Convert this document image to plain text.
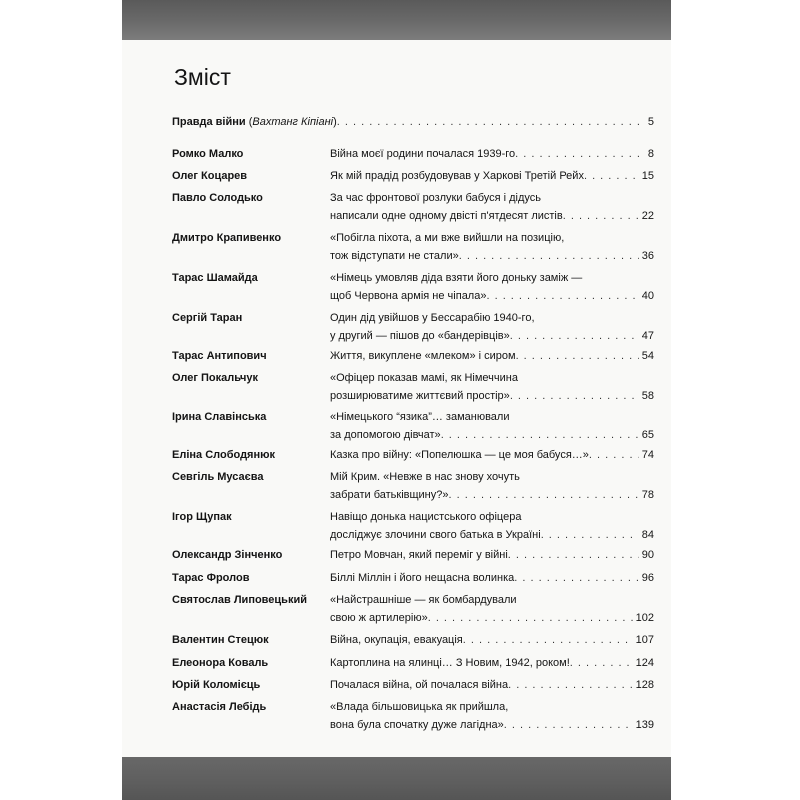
Зміст
Правда війни ( Вахтанг Кіпіані ) . . .	5
Ромко Малко	Війна моєї родини почалася 1939-го . . .	8
Олег Коцарев	Як мій прадід розбудовував у Харкові Третій Рейх . . .	15
Павло Солодько	За час фронтової розлуки бабуся і дідусь
написали одне одному двісті п'ятдесят листів . . .	22
Дмитро Крапивенко	«Побігла піхота, а ми вже вийшли на позицію,
тож відступати не стали» . . .	36
Тарас Шамайда	«Німець умовляв діда взяти його доньку заміж —
щоб Червона армія не чіпала» . . .	40
Сергій Таран	Один дід увійшов у Бессарабію 1940-го,
у другий — пішов до «бандерівців» . . .	47
Тарас Антипович	Життя, викуплене «млеком» і сиром . . .	54
Олег Покальчук	«Офіцер показав мамі, як Німеччина
розширюватиме життєвий простір» . . .	58
Ірина Славінська	«Німецького “язика”… заманювали
за допомогою дівчат» . . .	65
Еліна Слободянюк	Казка про війну: «Попелюшка — це моя бабуся…» . . .	74
Севгіль Мусаєва	Мій Крим. «Невже в нас знову хочуть
забрати батьківщину?» . . .	78
Ігор Щупак	Навіщо донька нацистського офіцера
досліджує злочини свого батька в Україні . . .	84
Олександр Зінченко	Петро Мовчан, який переміг у війні . . .	90
Тарас Фролов	Біллі Міллін і його нещасна волинка . . .	96
Святослав Липовецький «Найстрашніше — як бомбардували
свою ж артилерію» . . .	102
Валентин Стецюк	Війна, окупація, евакуація . . .	107
Елеонора Коваль	Картоплина на ялинці… З Новим, 1942, роком! . . .	124
Юрій Коломієць	Почалася війна, ой почалася війна . . .	128
Анастасія Лебідь	«Влада більшовицька як прийшла,
вона була спочатку дуже лагідна» . . .	139
